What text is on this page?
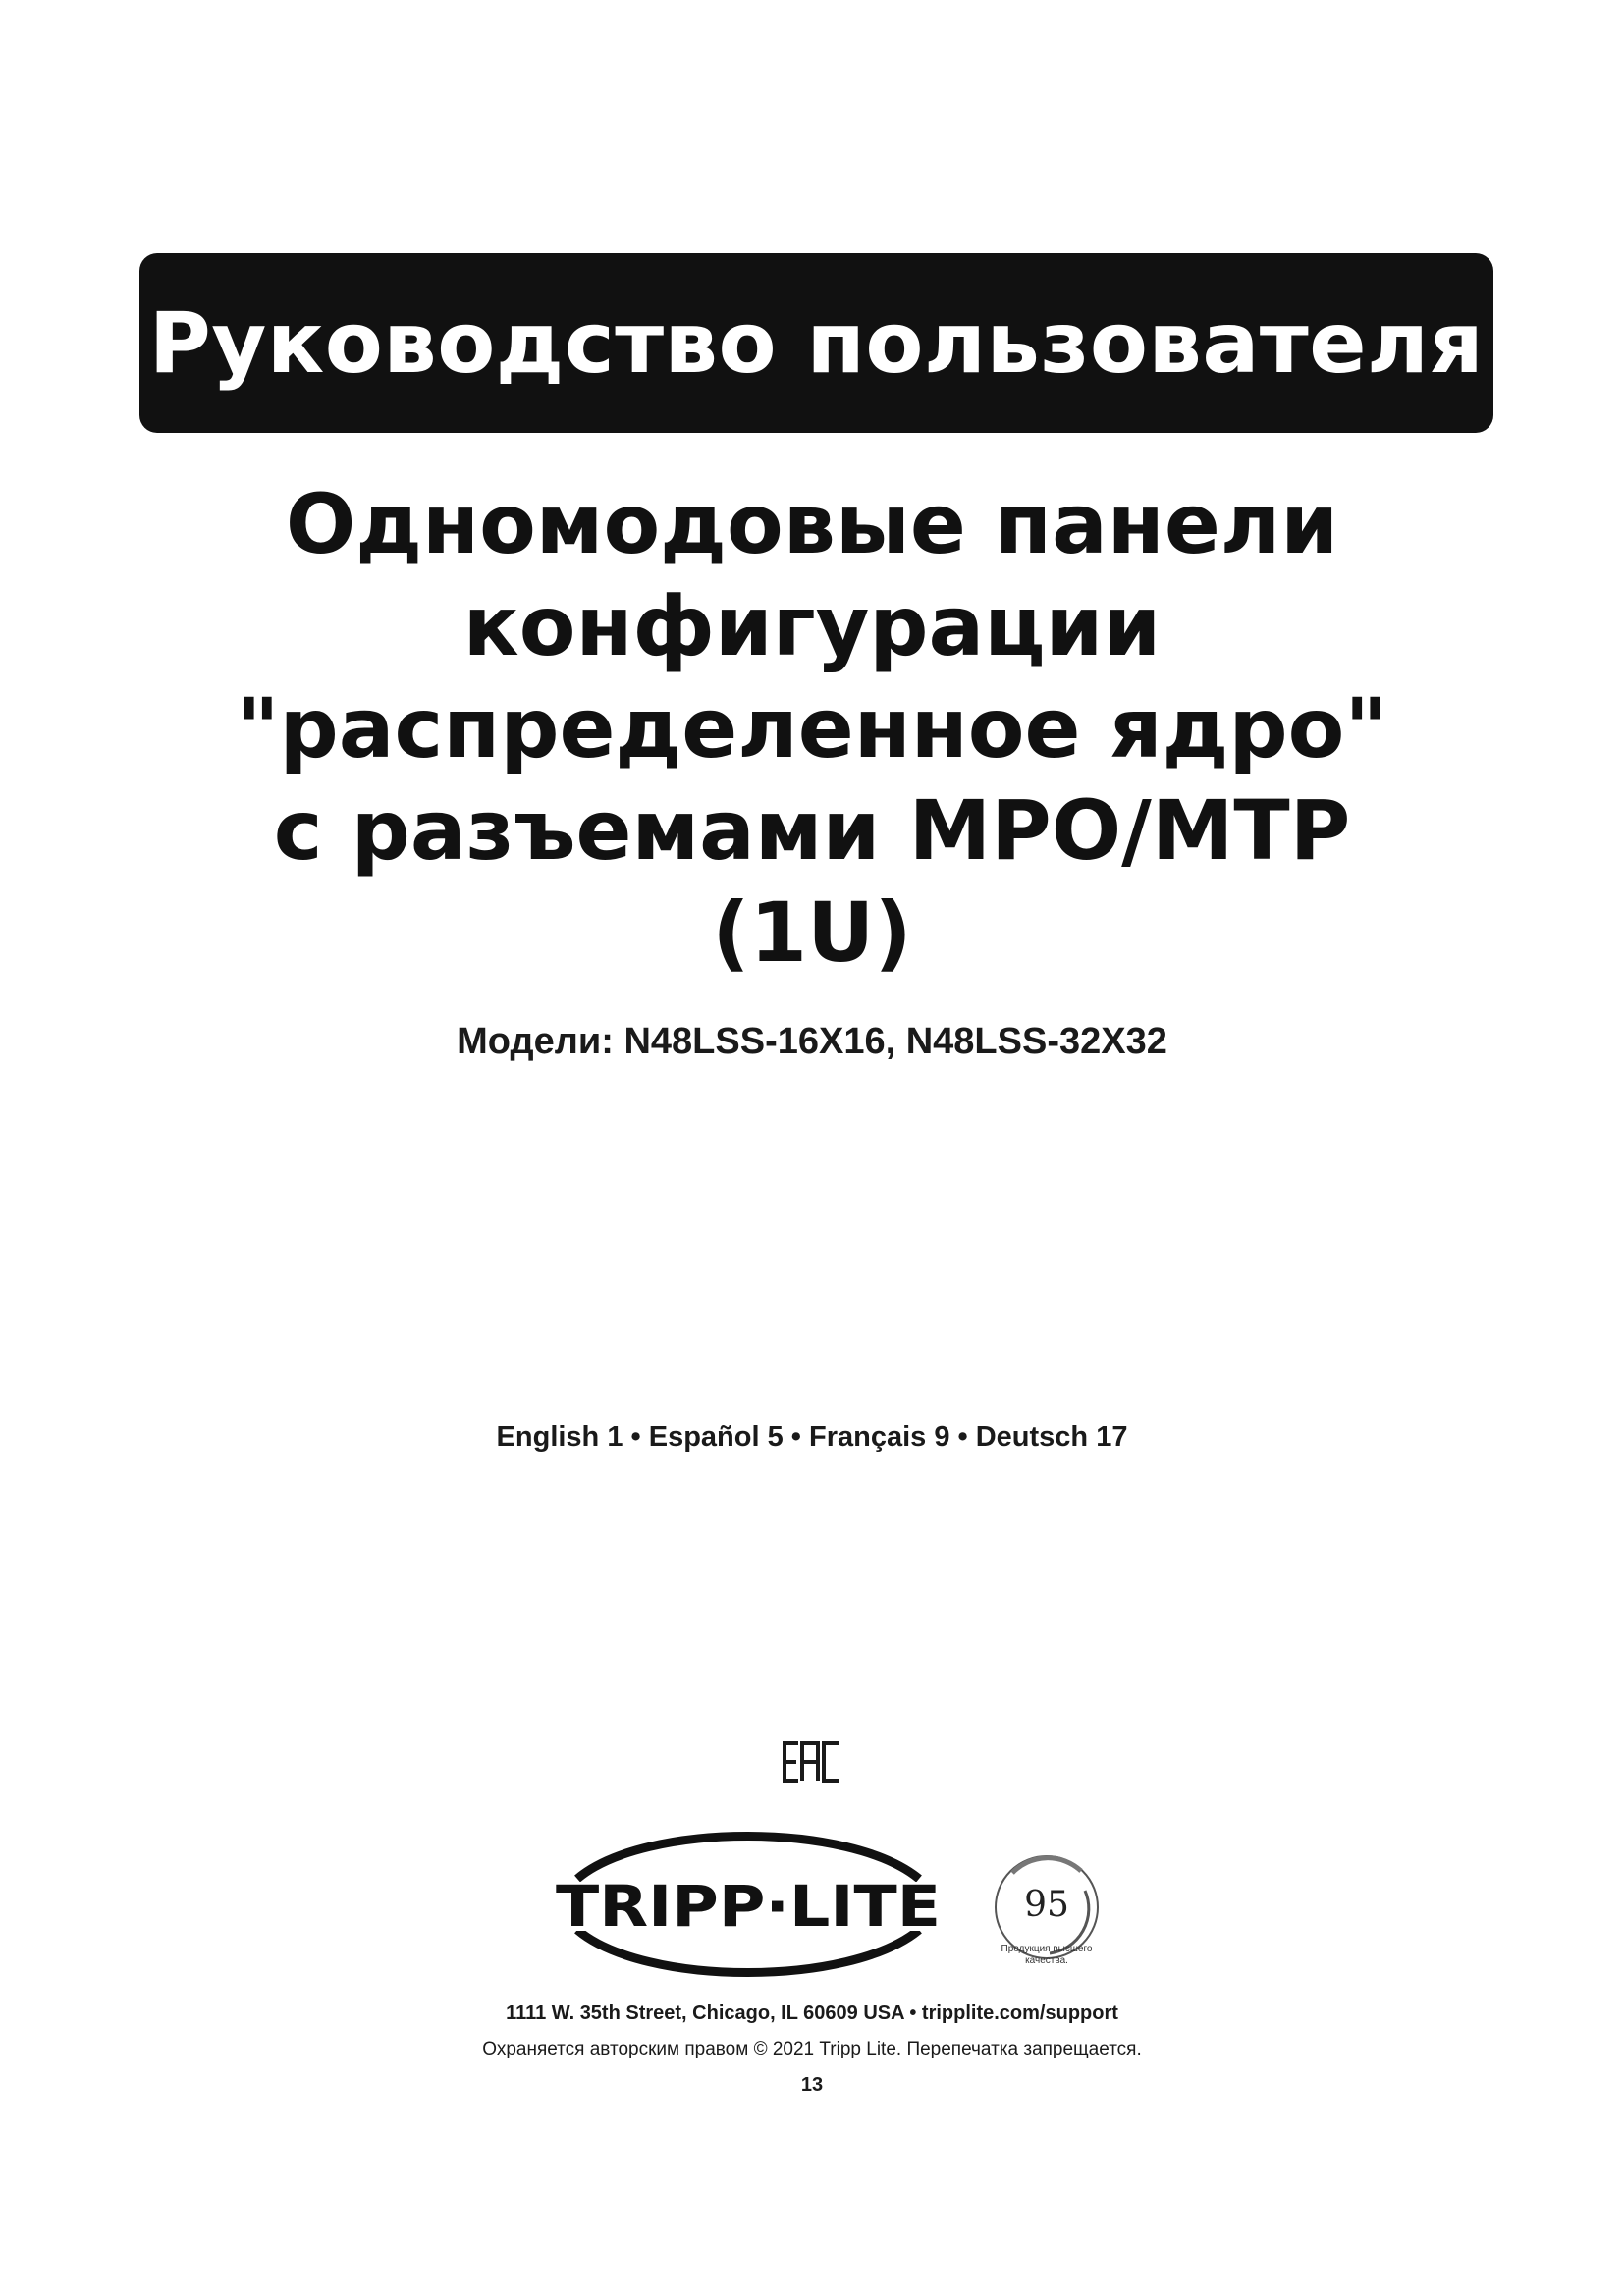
Руководство пользователя
Одномодовые панели
конфигурации
"распределенное ядро"
с разъемами MPO/MTP
(1U)
Модели: N48LSS-16X16, N48LSS-32X32
English 1 • Español 5 • Français 9 • Deutsch 17
TRIPP·LITE 95
Продукция высшего качества.
1111 W. 35th Street, Chicago, IL 60609 USA • tripplite.com/support
Охраняется авторским правом © 2021 Tripp Lite. Перепечатка запрещается.
13
